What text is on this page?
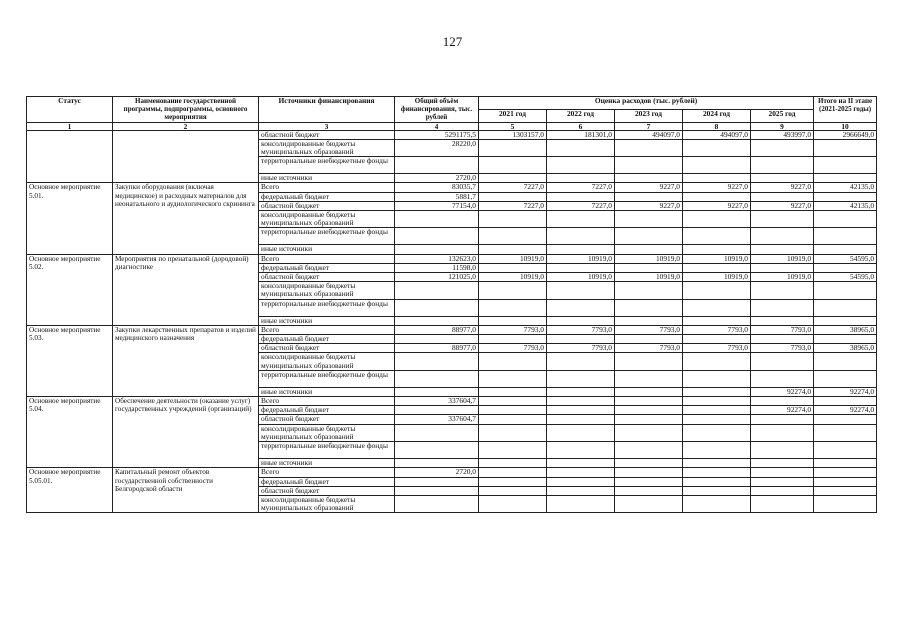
127
Статус	Наименование государственной программы, подпрограммы, основного мероприятия	Источники финансирования	Общий объём финансирования, тыс. рублей	Оценка расходов (тыс. рублей)					Итого на II этапе (2021-2025 годы)
				2021 год	2022 год	2023 год	2024 год	2025 год	
1	2	3	4	5	6	7	8	9	10
		областной бюджет	5291175,5	1303157,0	181301,0	494097,0	494097,0	493997,0	2966649,0
		консолидированные бюджеты муниципальных образований	28220,0						
		территориальные внебюджетные фонды							
		иные источники	2720,0						
Основное мероприятие 5.01.	Закупки оборудования (включая медицинское) и расходных материалов для неонатального и аудиологического скрининга	Всего	83035,7	7227,0	7227,0	9227,0	9227,0	9227,0	42135,0
		федеральный бюджет	5881,7						
		областной бюджет	77154,0	7227,0	7227,0	9227,0	9227,0	9227,0	42135,0
		консолидированные бюджеты муниципальных образований							
		территориальные внебюджетные фонды							
		иные источники							
Основное мероприятие 5.02.	Мероприятия по пренатальной (дородовой) диагностике	Всего	132623,0	10919,0	10919,0	10919,0	10919,0	10919,0	54595,0
		федеральный бюджет	11598,0						
		областной бюджет	121025,0	10919,0	10919,0	10919,0	10919,0	10919,0	54595,0
		консолидированные бюджеты муниципальных образований							
		территориальные внебюджетные фонды							
		иные источники							
Основное мероприятие 5.03.	Закупки лекарственных препаратов и изделий медицинского назначения	Всего	88977,0	7793,0	7793,0	7793,0	7793,0	7793,0	38965,0
		федеральный бюджет							
		областной бюджет	88977,0	7793,0	7793,0	7793,0	7793,0	7793,0	38965,0
		консолидированные бюджеты муниципальных образований							
		территориальные внебюджетные фонды							
		иные источники						92274,0	92274,0
Основное мероприятие 5.04.	Обеспечение деятельности (оказание услуг) государственных учреждений (организаций)	Всего	337604,7						
		федеральный бюджет						92274,0	92274,0
		областной бюджет	337604,7						
		консолидированные бюджеты муниципальных образований							
		территориальные внебюджетные фонды							
		иные источники							
Основное мероприятие 5.05.01.	Капитальный ремонт объектов государственной собственности Белгородской области	Всего	2720,0						
		федеральный бюджет							
		областной бюджет							
		консолидированные бюджеты муниципальных образований							
